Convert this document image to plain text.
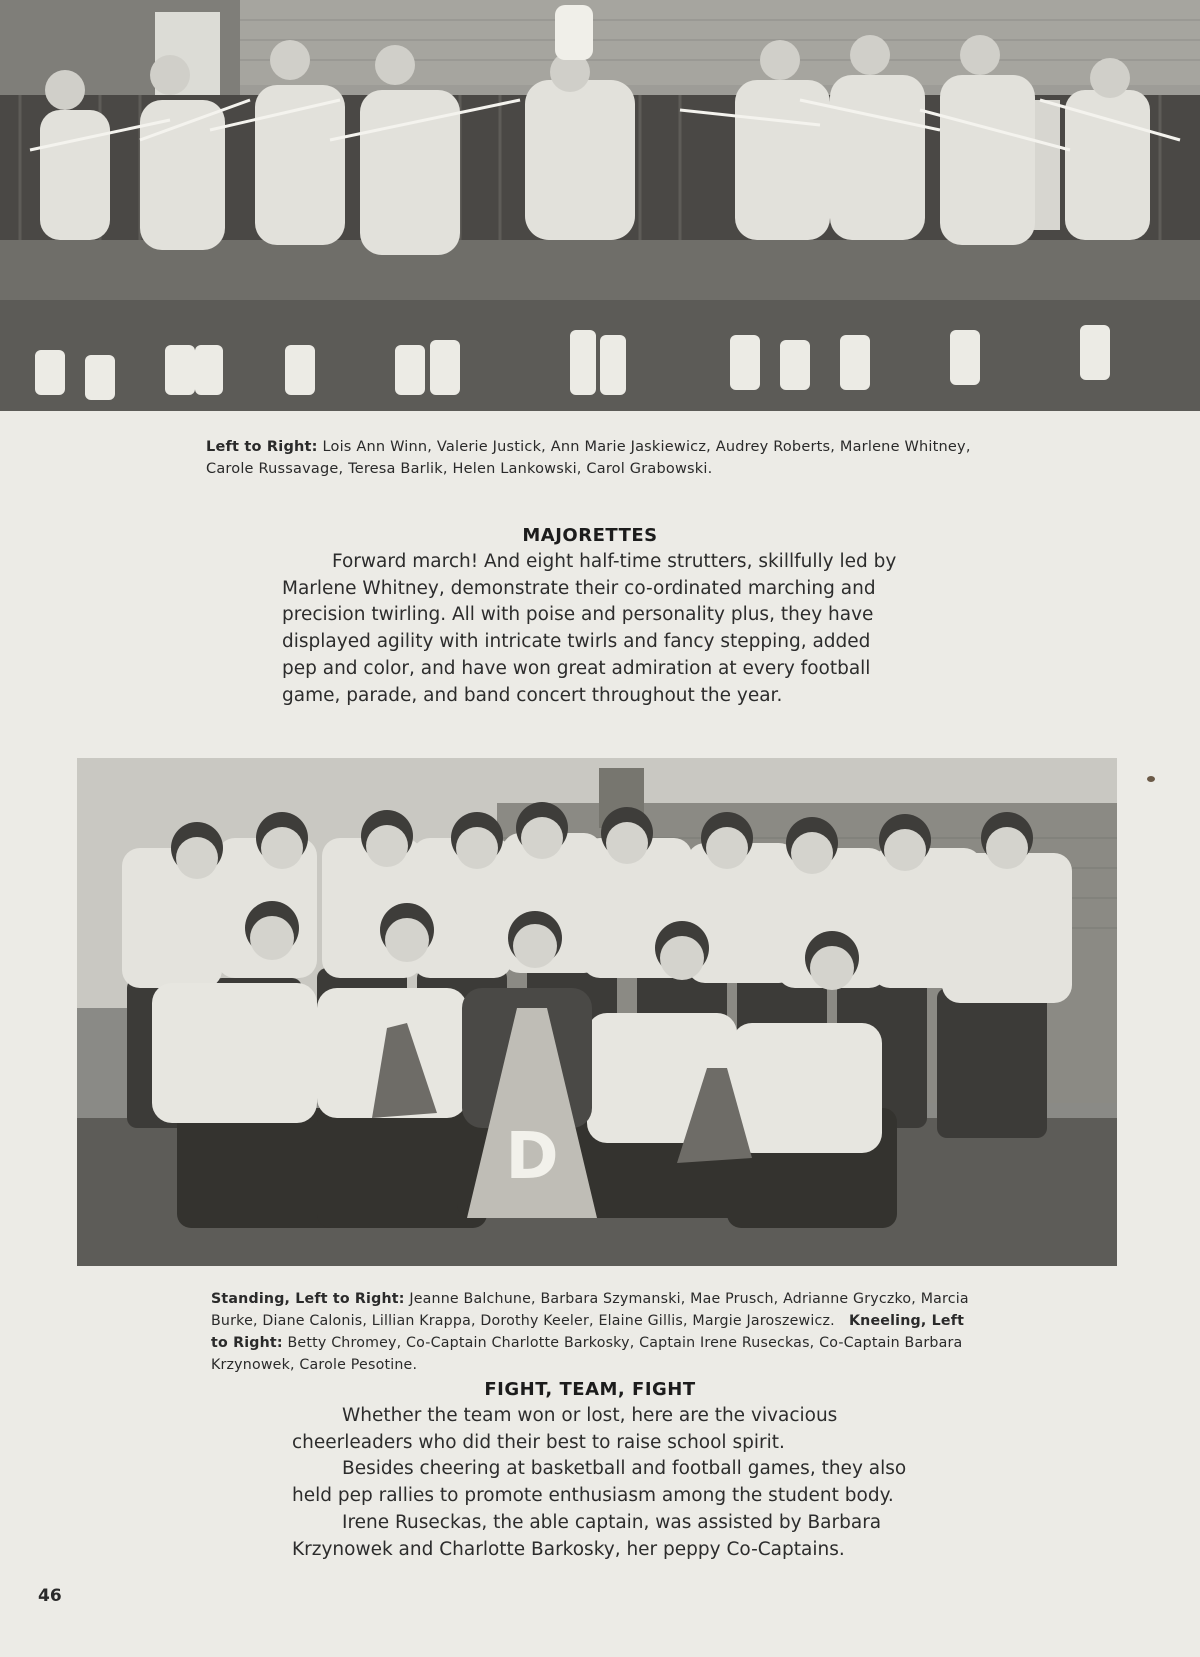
Left to Right: Lois Ann Winn, Valerie Justick, Ann Marie Jaskiewicz, Audrey Roberts, Marlene Whitney, Carole Russavage, Teresa Barlik, Helen Lankowski, Carol Grabowski.
MAJORETTES

Forward march! And eight half-time strutters, skillfully led by Marlene Whitney, demonstrate their co-ordinated marching and precision twirling. All with poise and personality plus, they have displayed agility with intricate twirls and fancy stepping, added pep and color, and have won great admiration at every football game, parade, and band concert throughout the year.

D
Standing, Left to Right: Jeanne Balchune, Barbara Szymanski, Mae Prusch, Adrianne Gryczko, Marcia Burke, Diane Calonis, Lillian Krappa, Dorothy Keeler, Elaine Gillis, Margie Jaroszewicz. Kneeling, Left to Right: Betty Chromey, Co-Captain Charlotte Barkosky, Captain Irene Ruseckas, Co-Captain Barbara Krzynowek, Carole Pesotine.
FIGHT, TEAM, FIGHT

Whether the team won or lost, here are the vivacious cheerleaders who did their best to raise school spirit.

Besides cheering at basketball and football games, they also held pep rallies to promote enthusiasm among the student body.

Irene Ruseckas, the able captain, was assisted by Barbara Krzynowek and Charlotte Barkosky, her peppy Co-Captains.

46
